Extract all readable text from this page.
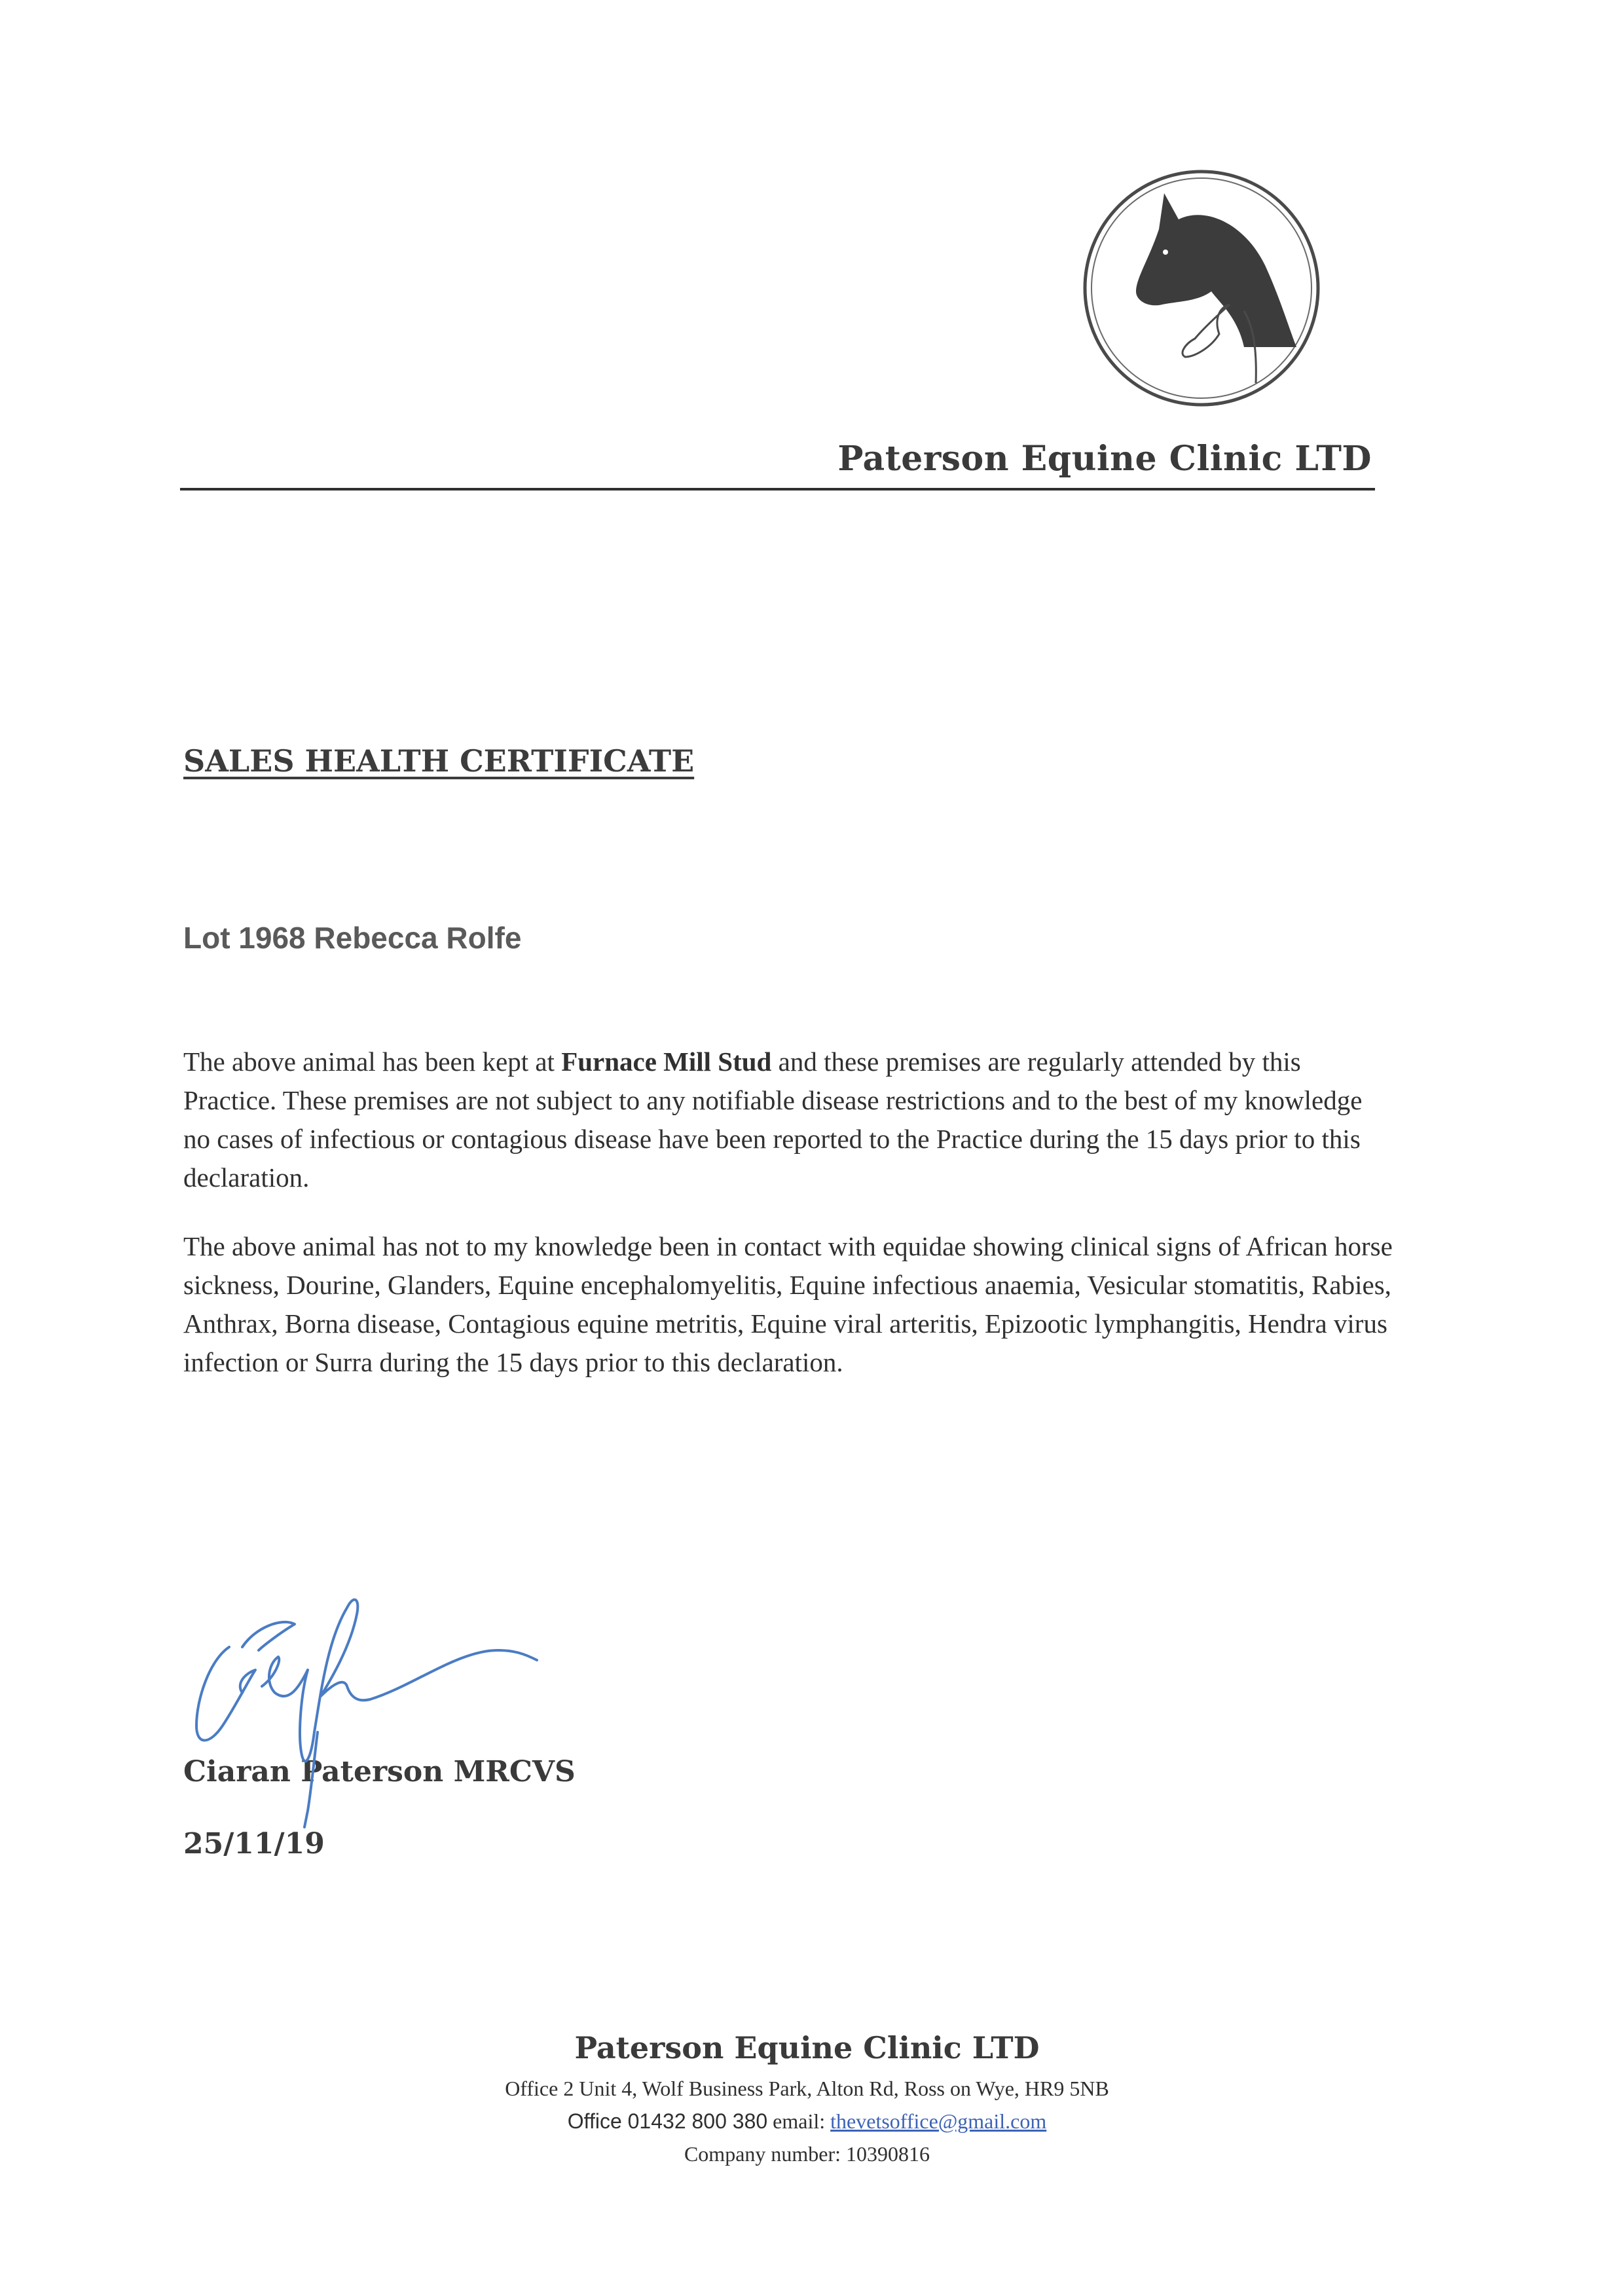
Paterson Equine Clinic LTD
SALES HEALTH CERTIFICATE
Lot 1968 Rebecca Rolfe
The above animal has been kept at Furnace Mill Stud and these premises are regularly attended by this Practice. These premises are not subject to any notifiable disease restrictions and to the best of my knowledge no cases of infectious or contagious disease have been reported to the Practice during the 15 days prior to this declaration.
The above animal has not to my knowledge been in contact with equidae showing clinical signs of African horse sickness, Dourine, Glanders, Equine encephalomyelitis, Equine infectious anaemia, Vesicular stomatitis, Rabies, Anthrax, Borna disease, Contagious equine metritis, Equine viral arteritis, Epizootic lymphangitis, Hendra virus infection or Surra during the 15 days prior to this declaration.
Ciaran Paterson MRCVS
25/11/19
Paterson Equine Clinic LTD
Office 2 Unit 4, Wolf Business Park, Alton Rd, Ross on Wye, HR9 5NB
Office 01432 800 380 email: thevetsoffice@gmail.com
Company number: 10390816
